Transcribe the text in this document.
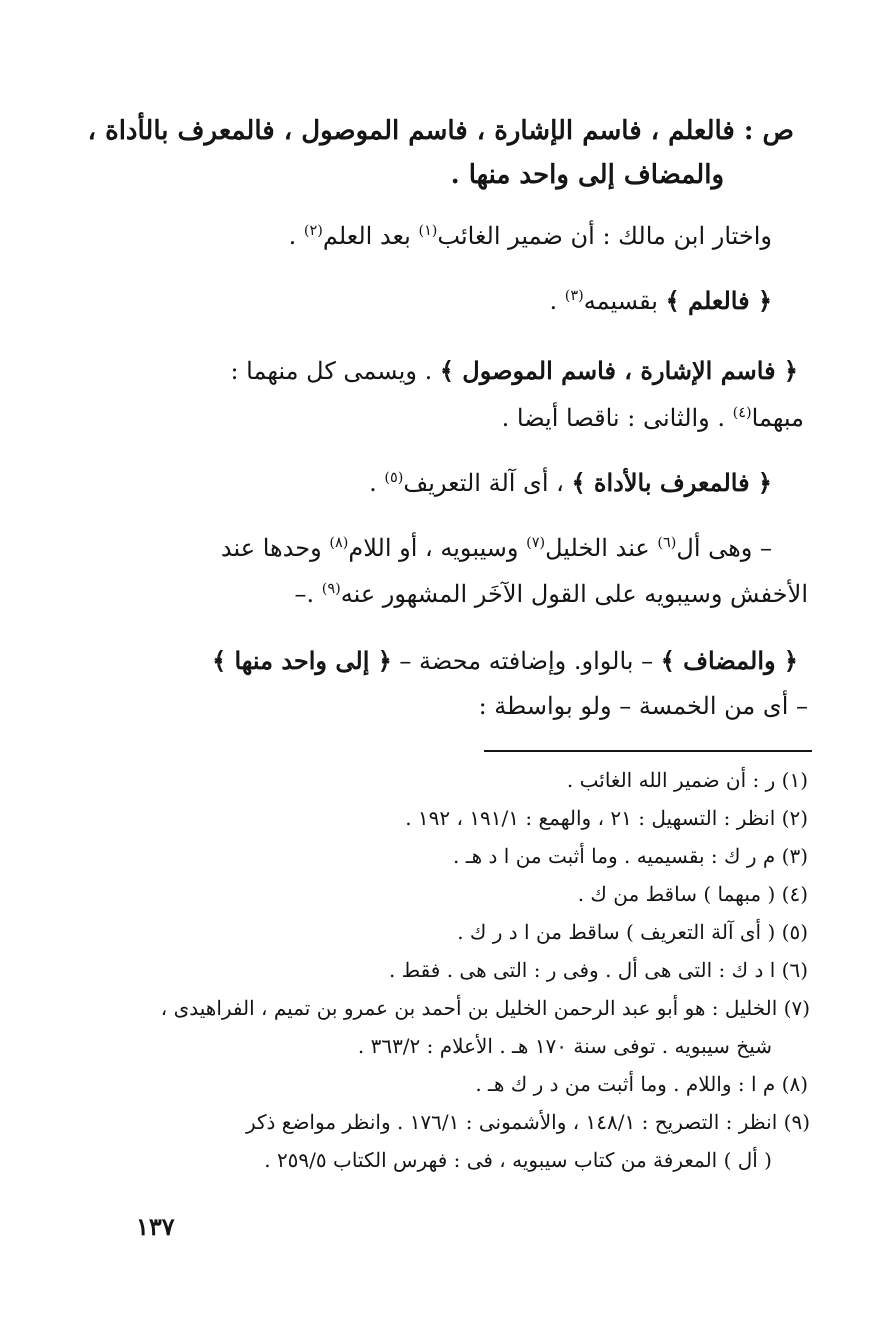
ص : فالعلم ، فاسم الإشارة ، فاسم الموصول ، فالمعرف بالأداة ،
والمضاف إلى واحد منها .
واختار ابن مالك : أن ضمير الغائب$^{(١)}$ بعد العلم$^{(٢)}$ .
﴿ فالعلم ﴾ بقسيمه$^{(٣)}$ .
﴿ فاسم الإشارة ، فاسم الموصول ﴾ . ويسمى كل منهما :
مبهما$^{(٤)}$ . والثانى : ناقصا أيضا .
﴿ فالمعرف بالأداة ﴾ ، أى آلة التعريف$^{(٥)}$ .
– وهى أل$^{(٦)}$ عند الخليل$^{(٧)}$ وسيبويه ، أو اللام$^{(٨)}$ وحدها عند
الأخفش وسيبويه على القول الآخَر المشهور عنه$^{(٩)}$ .–
﴿ والمضاف ﴾ – بالواو. وإضافته محضة – ﴿ إلى واحد منها ﴾
– أى من الخمسة – ولو بواسطة :
(١) ر : أن ضمير الله الغائب .
(٢) انظر : التسهيل : ٢١ ، والهمع : ١٩١/١ ، ١٩٢ .
(٣) م ر ك : بقسيميه . وما أثبت من ا د هـ .
(٤) ( مبهما ) ساقط من ك .
(٥) ( أى آلة التعريف ) ساقط من ا د ر ك .
(٦) ا د ك : التى هى أل . وفى ر : التى هى . فقط .
(٧) الخليل : هو أبو عبد الرحمن الخليل بن أحمد بن عمرو بن تميم ، الفراهيدى ،
شيخ سيبويه . توفى سنة ١٧٠ هـ . الأعلام : ٣٦٣/٢ .
(٨) م ا : واللام . وما أثبت من د ر ك هـ .
(٩) انظر : التصريح : ١٤٨/١ ، والأشمونى : ١٧٦/١ . وانظر مواضع ذكر
( أل ) المعرفة من كتاب سيبويه ، فى : فهرس الكتاب ٢٥٩/٥ .
١٣٧
